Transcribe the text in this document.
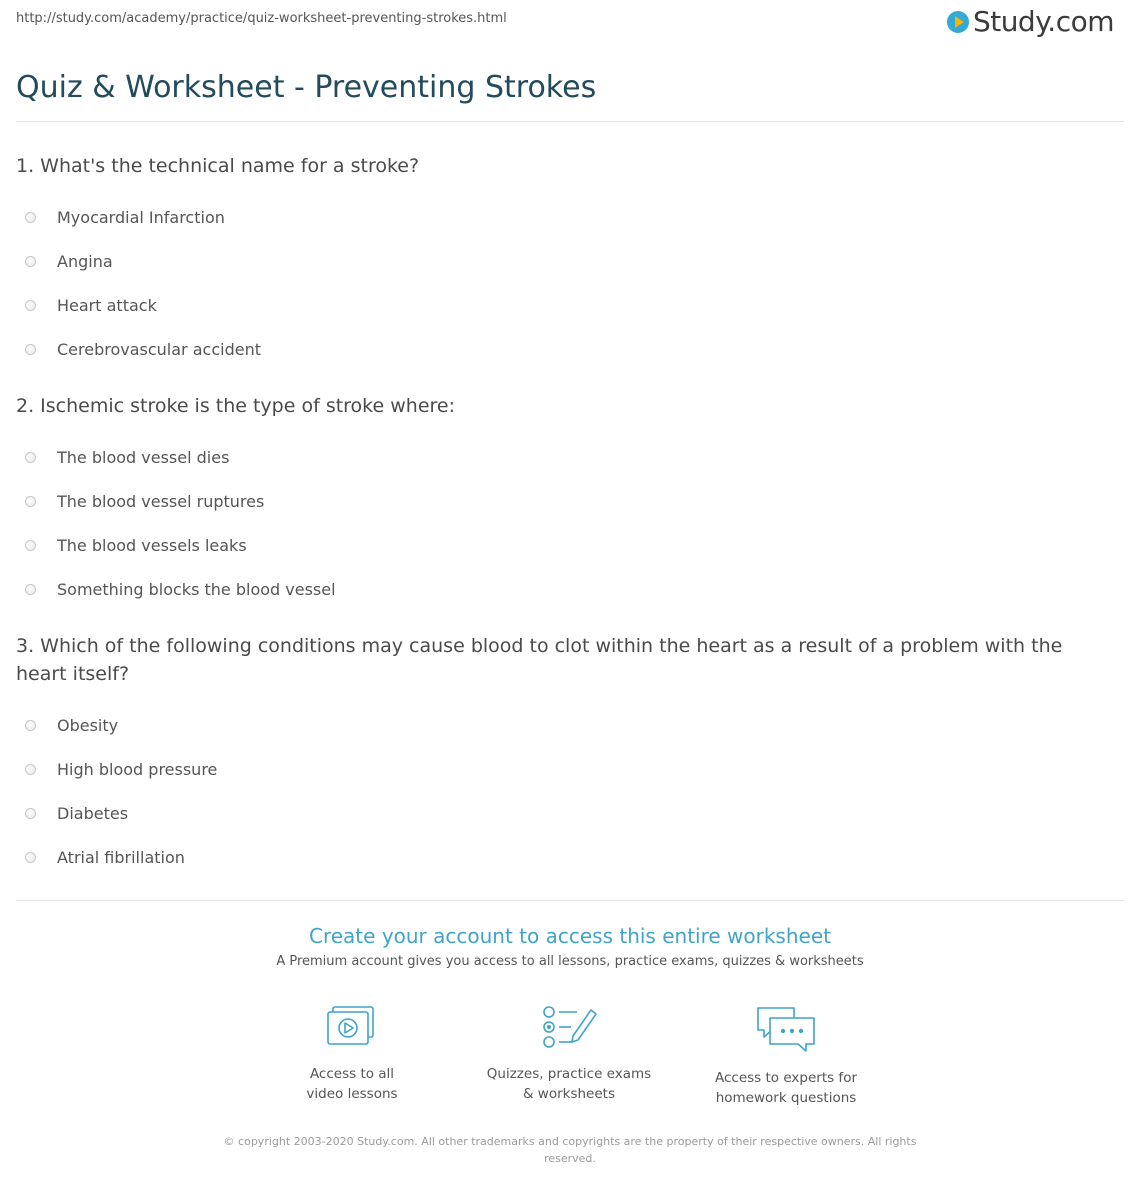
http://study.com/academy/practice/quiz-worksheet-preventing-strokes.html	Study.com
Quiz & Worksheet - Preventing Strokes
1. What's the technical name for a stroke?
Myocardial Infarction
Angina
Heart attack
Cerebrovascular accident
2. Ischemic stroke is the type of stroke where:
The blood vessel dies
The blood vessel ruptures
The blood vessels leaks
Something blocks the blood vessel
3. Which of the following conditions may cause blood to clot within the heart as a result of a problem with the heart itself?
Obesity
High blood pressure
Diabetes
Atrial fibrillation
Create your account to access this entire worksheet
A Premium account gives you access to all lessons, practice exams, quizzes & worksheets
Access to all
video lessons
Quizzes, practice exams
& worksheets
Access to experts for
homework questions
© copyright 2003-2020 Study.com. All other trademarks and copyrights are the property of their respective owners. All rights
reserved.
